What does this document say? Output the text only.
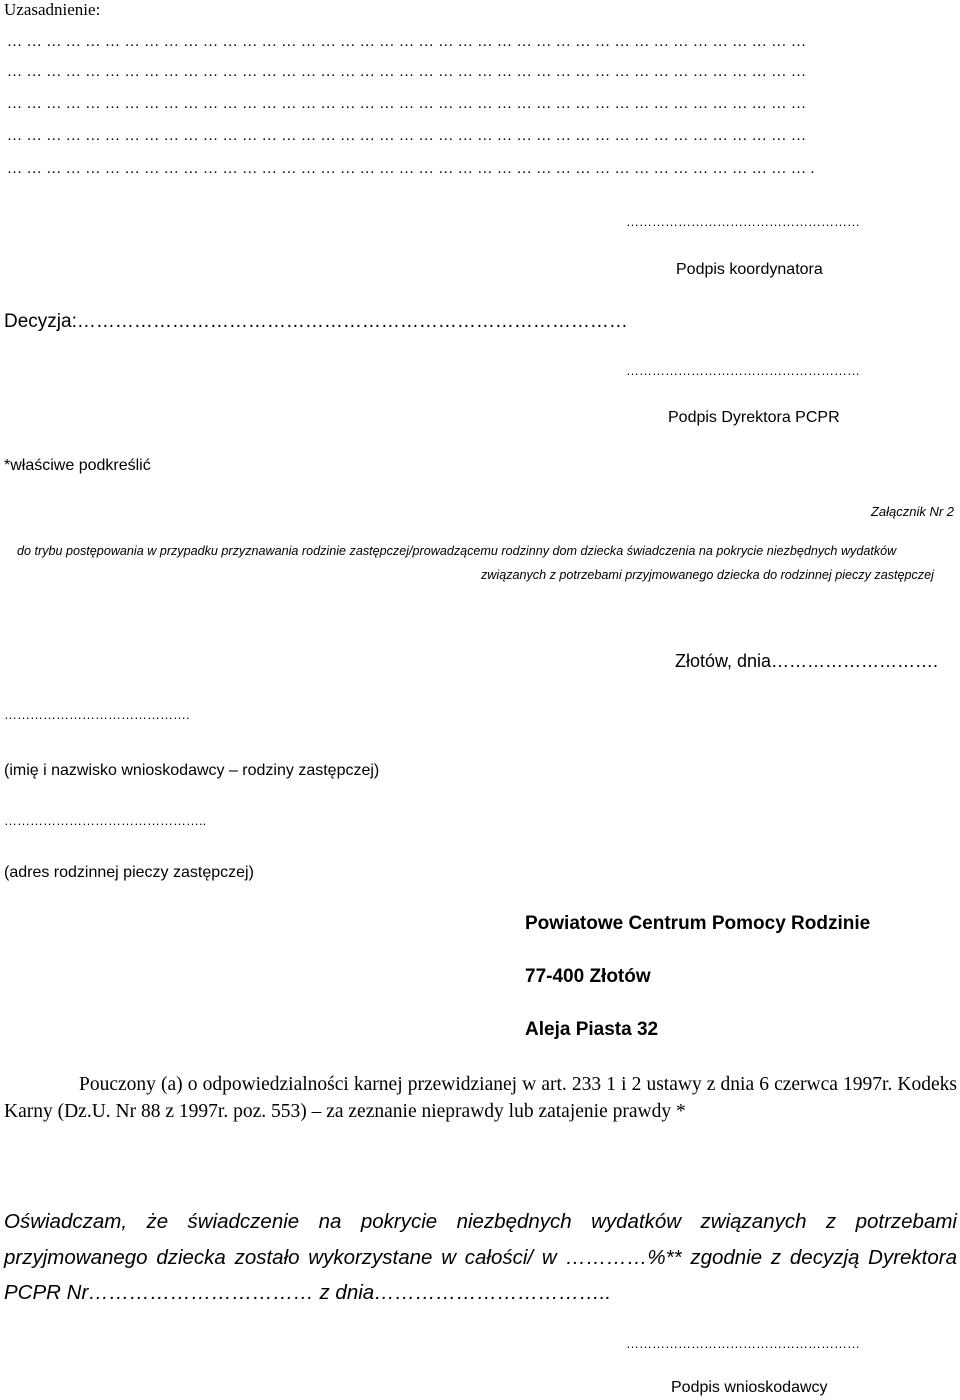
Uzasadnienie:
……………………………………………………………………………………………………………
……………………………………………………………………………………………………………
……………………………………………………………………………………………………………
……………………………………………………………………………………………………………
…………………………………………………………………………………………………………….
………………………………………………
Podpis koordynatora
Decyzja:……………………………………………………………………………
………………………………………………
Podpis Dyrektora PCPR
*właściwe podkreślić
Załącznik Nr 2
do trybu postępowania w przypadku przyznawania rodzinie zastępczej/prowadzącemu rodzinny dom dziecka świadczenia na pokrycie niezbędnych wydatków
związanych z potrzebami przyjmowanego dziecka do rodzinnej pieczy zastępczej
Złotów, dnia……………………….
…………………………………….
(imię i nazwisko wnioskodawcy – rodziny zastępczej)
………………………………………..
(adres rodzinnej pieczy zastępczej)
Powiatowe Centrum Pomocy Rodzinie
77-400 Złotów
Aleja Piasta 32
Pouczony (a) o odpowiedzialności karnej przewidzianej w art. 233 1 i 2 ustawy z dnia 6 czerwca 1997r. Kodeks Karny (Dz.U. Nr 88 z 1997r. poz. 553) – za zeznanie nieprawdy lub zatajenie prawdy *
Oświadczam, że świadczenie na pokrycie niezbędnych wydatków związanych z potrzebami przyjmowanego dziecka zostało wykorzystane w całości/ w …………%** zgodnie z decyzją Dyrektora PCPR Nr…………………………… z dnia……………………………..
………………………………………………
Podpis wnioskodawcy
